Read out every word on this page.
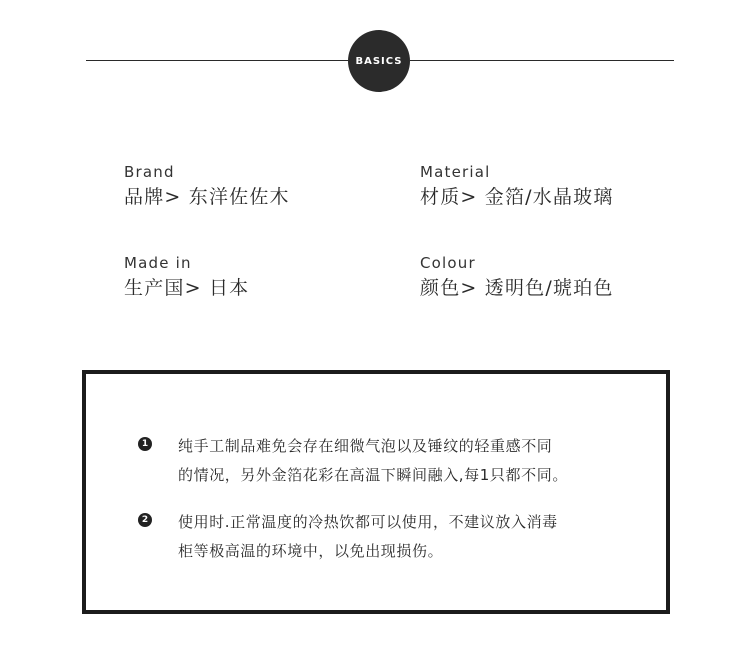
BASICS
Brand
品牌> 东洋佐佐木
Material
材质> 金箔/水晶玻璃
Made in
生产国> 日本
Colour
颜色> 透明色/琥珀色
1 纯手工制品难免会存在细微气泡以及锤纹的轻重感不同
的情况，另外金箔花彩在高温下瞬间融入,每1只都不同。
2 使用时.正常温度的冷热饮都可以使用，不建议放入消毒
柜等极高温的环境中，以免出现损伤。
